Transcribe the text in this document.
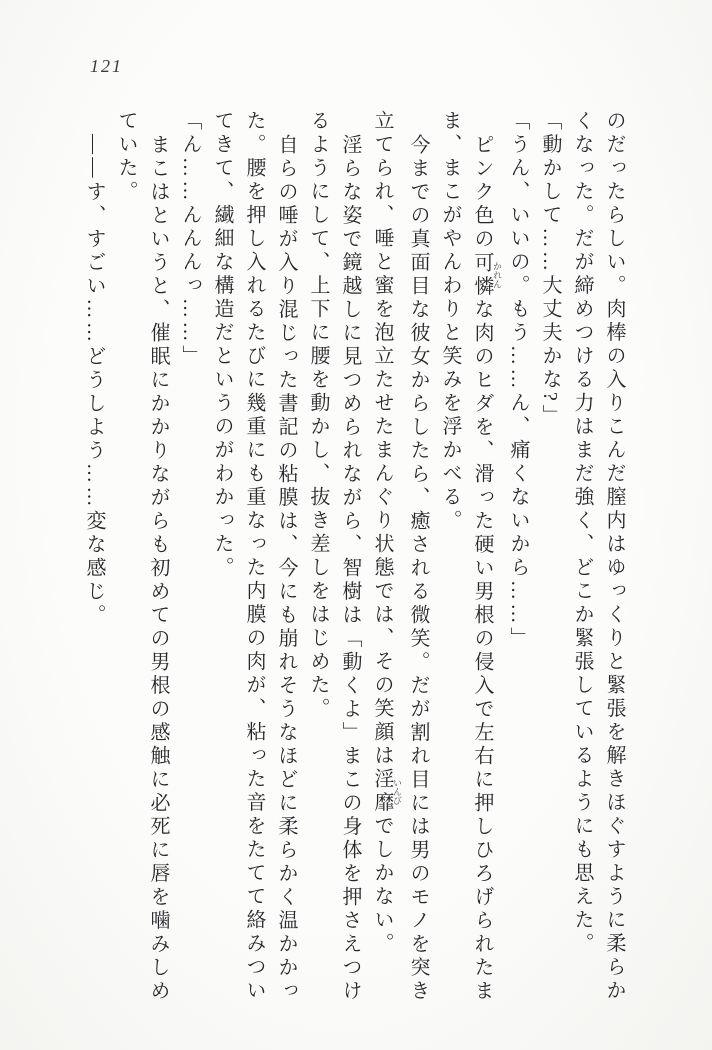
121
のだったらしい。肉棒の入りこんだ膣内はゆっくりと緊張を解きほぐすように柔らか
くなった。だが締めつける力はまだ強く、どこか緊張しているようにも思えた。
「動かして……大丈夫かな?」
「うん、いいの。もう……ん、痛くないから……」
ピンク色の可憐 かれんな肉のヒダを、滑った硬い男根の侵入で左右に押しひろげられたま
ま、まこがやんわりと笑みを浮かべる。
今までの真面目な彼女からしたら、癒される微笑。だが割れ目には男のモノを突き
立てられ、唾と蜜を泡立たせたまんぐり状態では、その笑顔は淫靡 いんびでしかない。
淫らな姿で鏡越しに見つめられながら、智樹は「動くよ」まこの身体を押さえつけ
るようにして、上下に腰を動かし、抜き差しをはじめた。
自らの唾が入り混じった書記の粘膜は、今にも崩れそうなほどに柔らかく温かかっ
た。腰を押し入れるたびに幾重にも重なった内膜の肉が、粘った音をたてて絡みつい
てきて、繊細な構造だというのがわかった。
「ん……んんんっ……」
まこはというと、催眠にかかりながらも初めての男根の感触に必死に唇を噛みしめ
ていた。
――す、すごい……どうしよう……変な感じ。
